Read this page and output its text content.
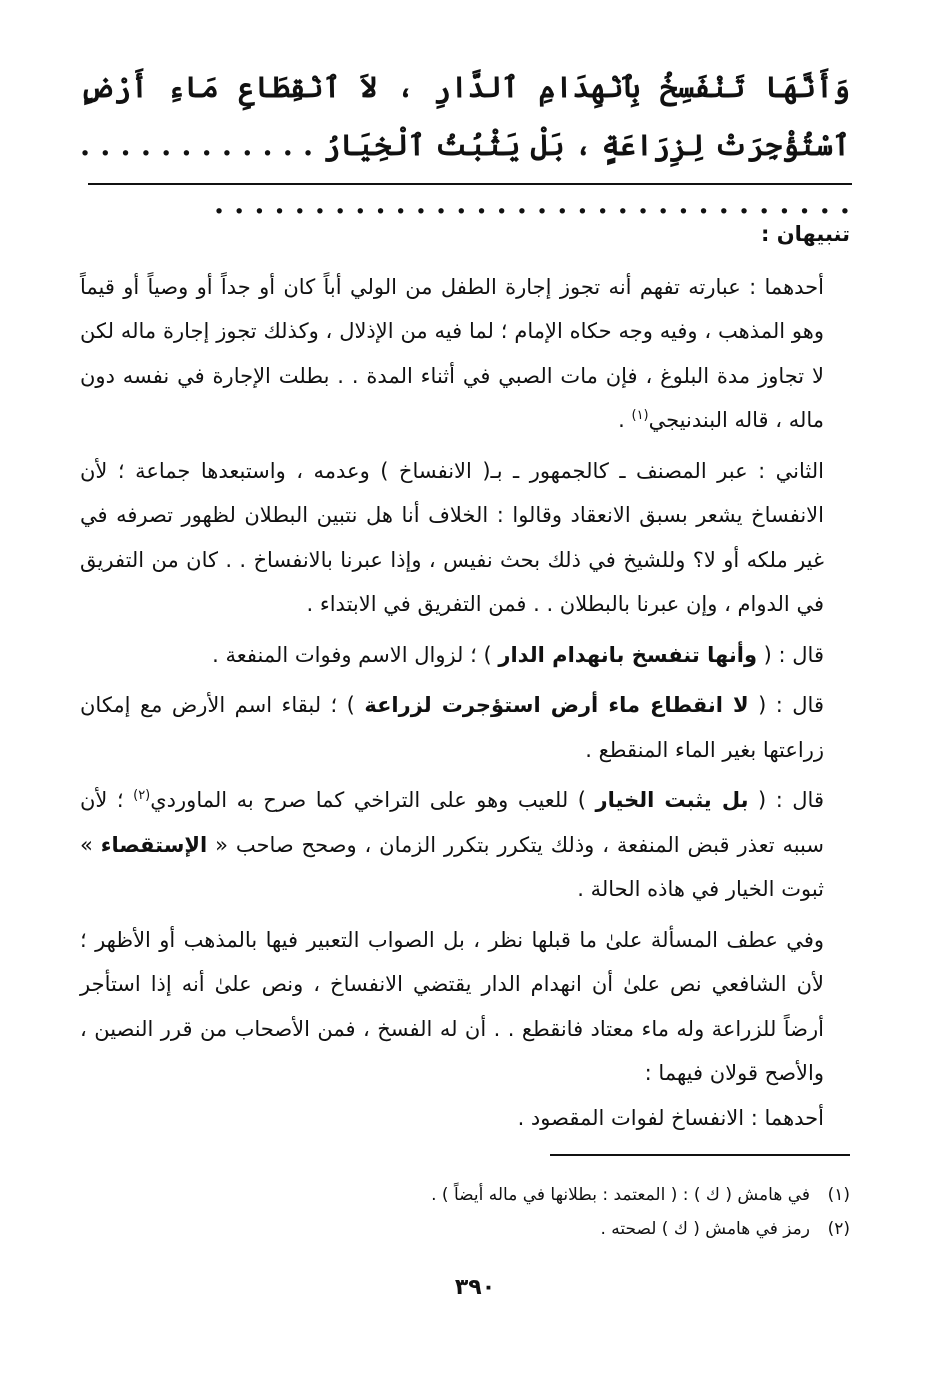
وَأَنَّهَا تَنْفَسِخُ بِٱنْهِدَامِ ٱلدَّارِ ، لاَ ٱنْقِطَاعِ مَاءِ أَرْضٍ ٱسْتُؤْجِرَتْ لِزِرَاعَةٍ ، بَلْ يَثْبُتُ ٱلْخِيَارُ . . . . . . . . . . . . . . . . . . . . . . . . . . . . . . . . . . . . . . . . . . . .

تنبيهان :

أحدهما : عبارته تفهم أنه تجوز إجارة الطفل من الولي أباً كان أو جداً أو وصياً أو قيماً وهو المذهب ، وفيه وجه حكاه الإمام ؛ لما فيه من الإذلال ، وكذلك تجوز إجارة ماله لكن لا تجاوز مدة البلوغ ، فإن مات الصبي في أثناء المدة . . بطلت الإجارة في نفسه دون ماله ، قاله البندنيجي$^{(١)}$ .

الثاني : عبر المصنف ـ كالجمهور ـ بـ( الانفساخ ) وعدمه ، واستبعدها جماعة ؛ لأن الانفساخ يشعر بسبق الانعقاد وقالوا : الخلاف أنا هل نتبين البطلان لظهور تصرفه في غير ملكه أو لا؟ وللشيخ في ذلك بحث نفيس ، وإذا عبرنا بالانفساخ . . كان من التفريق في الدوام ، وإن عبرنا بالبطلان . . فمن التفريق في الابتداء .

قال : ( وأنها تنفسخ بانهدام الدار ) ؛ لزوال الاسم وفوات المنفعة .

قال : ( لا انقطاع ماء أرض استؤجرت لزراعة ) ؛ لبقاء اسم الأرض مع إمكان زراعتها بغير الماء المنقطع .

قال : ( بل يثبت الخيار ) للعيب وهو على التراخي كما صرح به الماوردي$^{(٢)}$ ؛ لأن سببه تعذر قبض المنفعة ، وذلك يتكرر بتكرر الزمان ، وصحح صاحب « الإستقصاء » ثبوت الخيار في هاذه الحالة .

وفي عطف المسألة علىٰ ما قبلها نظر ، بل الصواب التعبير فيها بالمذهب أو الأظهر ؛ لأن الشافعي نص علىٰ أن انهدام الدار يقتضي الانفساخ ، ونص علىٰ أنه إذا استأجر أرضاً للزراعة وله ماء معتاد فانقطع . . أن له الفسخ ، فمن الأصحاب من قرر النصين ، والأصح قولان فيهما :

أحدهما : الانفساخ لفوات المقصود .

(١)في هامش ( ك ) : ( المعتمد : بطلانها في ماله أيضاً ) .

(٢)رمز في هامش ( ك ) لصحته .

٣٩٠
